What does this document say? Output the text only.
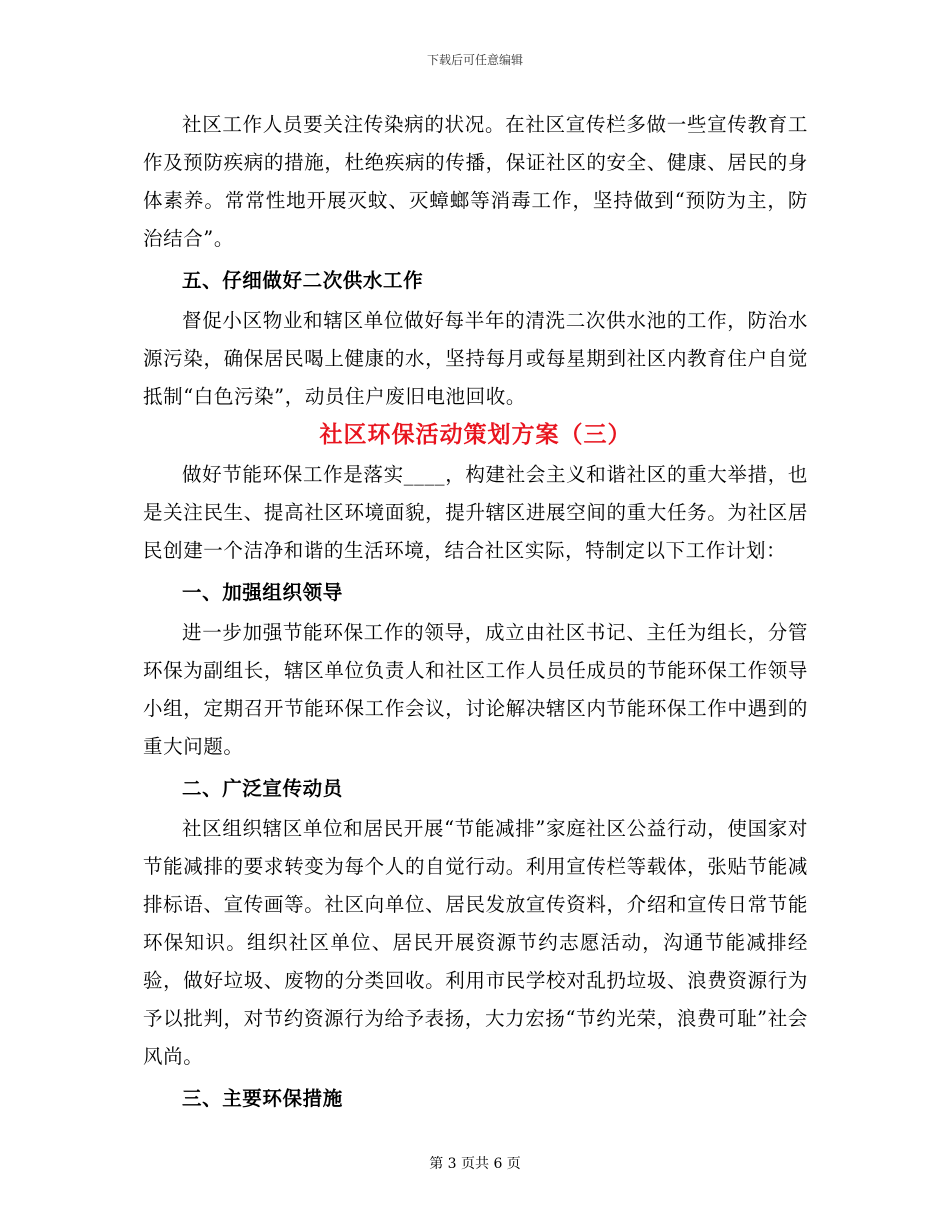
下载后可任意编辑

社区工作人员要关注传染病的状况。在社区宣传栏多做一些宣传教育工作及预防疾病的措施，杜绝疾病的传播，保证社区的安全、健康、居民的身体素养。常常性地开展灭蚊、灭蟑螂等消毒工作，坚持做到“预防为主，防治结合”。

五、仔细做好二次供水工作

督促小区物业和辖区单位做好每半年的清洗二次供水池的工作，防治水源污染，确保居民喝上健康的水，坚持每月或每星期到社区内教育住户自觉抵制“白色污染”，动员住户废旧电池回收。

社区环保活动策划方案（三）

做好节能环保工作是落实____，构建社会主义和谐社区的重大举措，也是关注民生、提高社区环境面貌，提升辖区进展空间的重大任务。为社区居民创建一个洁净和谐的生活环境，结合社区实际，特制定以下工作计划：

一、加强组织领导

进一步加强节能环保工作的领导，成立由社区书记、主任为组长，分管环保为副组长，辖区单位负责人和社区工作人员任成员的节能环保工作领导小组，定期召开节能环保工作会议，讨论解决辖区内节能环保工作中遇到的重大问题。

二、广泛宣传动员

社区组织辖区单位和居民开展“节能减排”家庭社区公益行动，使国家对节能减排的要求转变为每个人的自觉行动。利用宣传栏等载体，张贴节能减排标语、宣传画等。社区向单位、居民发放宣传资料，介绍和宣传日常节能环保知识。组织社区单位、居民开展资源节约志愿活动，沟通节能减排经验，做好垃圾、废物的分类回收。利用市民学校对乱扔垃圾、浪费资源行为予以批判，对节约资源行为给予表扬，大力宏扬“节约光荣，浪费可耻”社会风尚。

三、主要环保措施

第 3 页共 6 页
